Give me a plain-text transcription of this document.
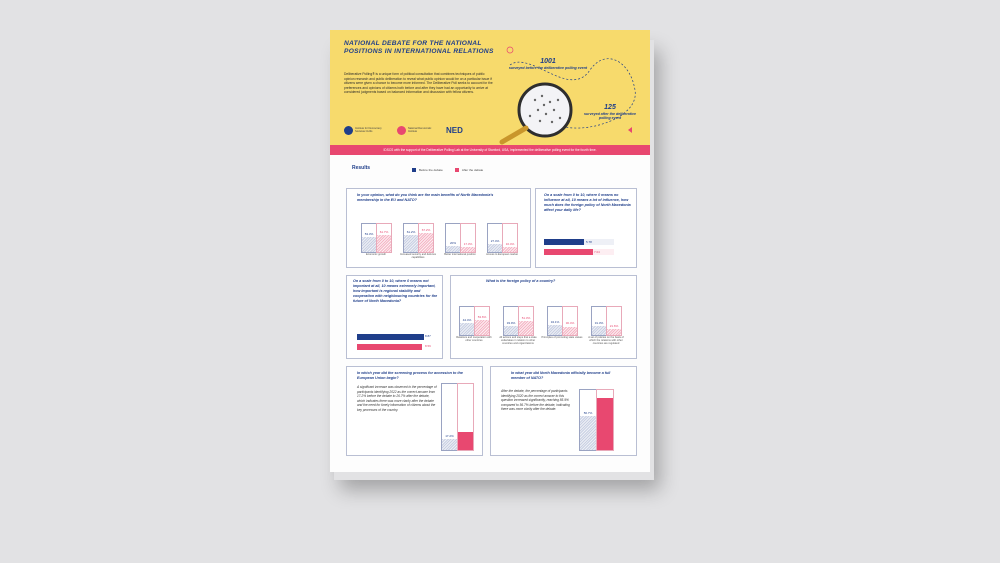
NATIONAL DEBATE FOR THE NATIONAL POSITIONS IN INTERNATIONAL RELATIONS
Deliberative Polling® is a unique form of political consultation that combines techniques of public opinion research and public deliberation to reveal what public opinion would be on a particular issue if citizens were given a chance to become more informed. The Deliberative Poll seeks to account for the preferences and opinions of citizens both before and after they have had an opportunity to arrive at considered judgments based on balanced information and discussion with fellow citizens.
Institute for Democracy Societas Civilis
National Democratic Institute	NED
1001
surveyed before the deliberative polling event
125
surveyed after the deliberative polling event
IDSCS with the support of the Deliberative Polling Lab at the University of Stanford, USA, implemented the deliberative polling event for the fourth time.
Results	Before the debate	After the debate
In your opinion, what do you think are the main benefits of North Macedonia's membership in the EU and NATO?
53.3%
61.7%
Economic growth
61.2%	67.2%
Increased security and defence capabilities
20%	17.3%
Better international position
27.4%
16.4%
Access to European market
On a scale from 0 to 10, where 0 means no influence at all, 10 means a lot of influence, how much does the foreign policy of North Macedonia affect your daily life?
5.78
7.04
On a scale from 0 to 10, where 0 means not important at all, 10 means extremely important, how important is regional stability and cooperation with neighbouring countries for the future of North Macedonia?
8.87
8.59
What is the foreign policy of a country?
44.4%
53.6%
Relations and cooperation with other countries
33.9%
51.3%
All actions and steps that a state undertakes in relation to other countries and organizations
34.1%	30.4%
Principles of promoting state values
31.3%
21.6%
A set of policies on the basis of which the relations with other countries are regulated
In which year did the screening process for accession to the European Union begin?
A significant increase was observed in the percentage of participants identifying 2022 as the correct answer from 17.2% before the debate to 26.7% after the debate, which indicates there was more clarity after the debate and the need for timely information of citizens about the key processes of the country.
17.2%
26.7%
In what year did North Macedonia officially become a full member of NATO?
After the debate, the percentage of participants identifying 2020 as the correct answer to this question increased significantly, reaching 85.9% compared to 56.7% before the debate, indicating there was more clarity after the debate.
56.7%
85.9%
